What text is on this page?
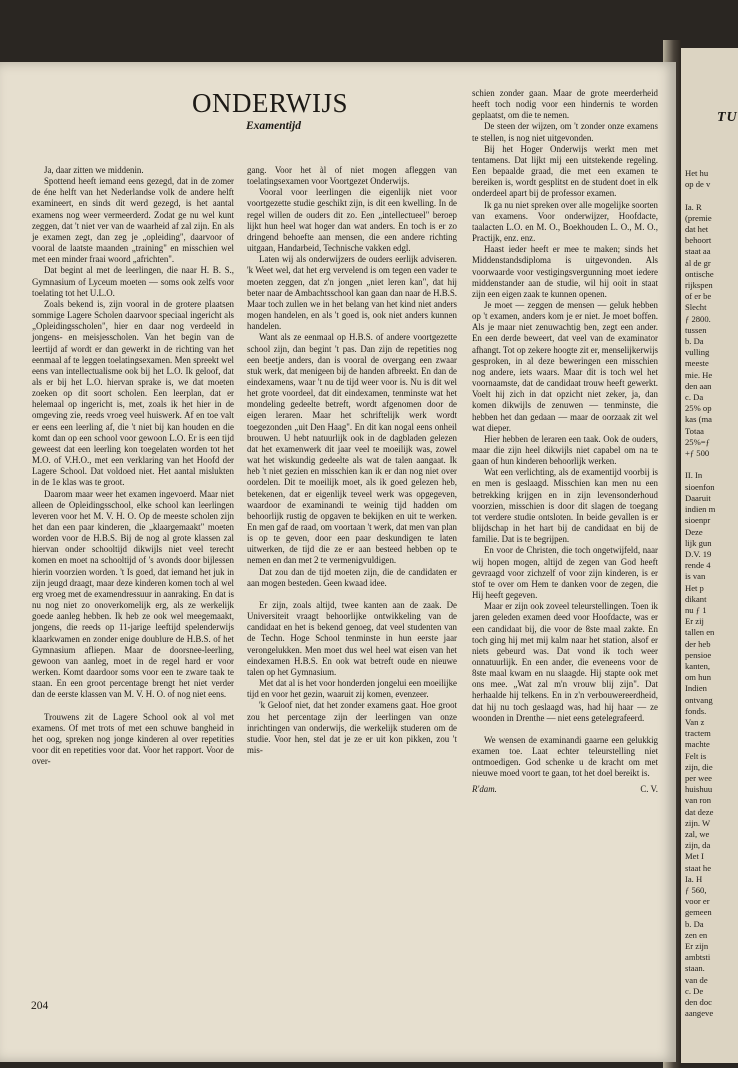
TU
Het hu
op de v

Ia. R
(premie
dat het
behoort
staat aa
al de gr
ontische
rijkspen
of er be
Slecht
ƒ 2800.
tussen
b. Da
vulling
meeste
mie. He
den aan
c. Da
25% op
kas (ma
Totaa
25%=ƒ
+ƒ 500

II. In
sioenfon
Daaruit
indien m
sioenpr
Deze
lijk gun
D.V. 19
rende 4
is van
Het p
dikant
nu ƒ 1
Er zij
tallen en
der heb
pensioe
kanten,
om hun
Indien
ontvang
fonds.
Van z
tractem
machte
Felt is
zijn, die
per wee
huishuu
van ron
dat deze
zijn. W
zal, we
zijn, da
Met I
staat he
Ia. H
ƒ 560,
voor er
gemeen
b. Da
zen en
Er zijn
ambtsti
staan.
van de
c. De
den doc
aangeve
ONDERWIJS
Examentijd

Ja, daar zitten we middenin.

Spottend heeft iemand eens gezegd, dat in de zomer de éne helft van het Nederlandse volk de andere helft examineert, en sinds dit werd gezegd, is het aantal examens nog weer vermeerderd. Zodat ge nu wel kunt zeggen, dat 't niet ver van de waarheid af zal zijn. En als je examen zegt, dan zeg je „opleiding", daarvoor of vooral de laatste maanden „training" en misschien wel met een minder fraai woord „africhten".

Dat begint al met de leerlingen, die naar H. B. S., Gymnasium of Lyceum moeten — soms ook zelfs voor toelating tot het U.L.O.

Zoals bekend is, zijn vooral in de grotere plaatsen sommige Lagere Scholen daarvoor speciaal ingericht als „Opleidingsscholen", hier en daar nog verdeeld in jongens- en meisjesscholen. Van het begin van de leertijd af wordt er dan gewerkt in de richting van het eenmaal af te leggen toelatingsexamen. Men spreekt wel eens van intellectualisme ook bij het L.O. Ik geloof, dat als er bij het L.O. hiervan sprake is, we dat moeten zoeken op dit soort scholen. Een leerplan, dat er helemaal op ingericht is, met, zoals ik het hier in de omgeving zie, reeds vroeg veel huiswerk. Af en toe valt er eens een leerling af, die 't niet bij kan houden en die komt dan op een school voor gewoon L.O. Er is een tijd geweest dat een leerling kon toegelaten worden tot het M.O. of V.H.O., met een verklaring van het Hoofd der Lagere School. Dat voldoed niet. Het aantal mislukten in de 1e klas was te groot.

Daarom maar weer het examen ingevoerd. Maar niet alleen de Opleidingsschool, elke school kan leerlingen leveren voor het M. V. H. O. Op de meeste scholen zijn het dan een paar kinderen, die „klaargemaakt" moeten worden voor de H.B.S. Bij de nog al grote klassen zal hiervan onder schooltijd dikwijls niet veel terecht komen en moet na schooltijd of 's avonds door bijlessen hierin voorzien worden. 't Is goed, dat iemand het juk in zijn jeugd draagt, maar deze kinderen komen toch al wel erg vroeg met de examendressuur in aanraking. En dat is nu nog niet zo onoverkomelijk erg, als ze werkelijk goede aanleg hebben. Ik heb ze ook wel meegemaakt, jongens, die reeds op 11-jarige leeftijd spelenderwijs klaarkwamen en zonder enige doublure de H.B.S. of het Gymnasium afliepen. Maar de doorsnee-leerling, gewoon van aanleg, moet in de regel hard er voor werken. Komt daardoor soms voor een te zware taak te staan. En een groot percentage brengt het niet verder dan de eerste klassen van M. V. H. O. of nog niet eens.

Trouwens zit de Lagere School ook al vol met examens. Of met trots of met een schuwe bangheid in het oog, spreken nog jonge kinderen al over repetities voor dit en repetities voor dat. Voor het rapport. Voor de over-

gang. Voor het àl of niet mogen afleggen van toelatingsexamen voor Voortgezet Onderwijs.

Vooral voor leerlingen die eigenlijk niet voor voortgezette studie geschikt zijn, is dit een kwelling. In de regel willen de ouders dit zo. Een „intellectueel" beroep lijkt hun heel wat hoger dan wat anders. En toch is er zo dringend behoefte aan mensen, die een andere richting uitgaan, Handarbeid, Technische vakken edgl.

Laten wij als onderwijzers de ouders eerlijk adviseren. 'k Weet wel, dat het erg vervelend is om tegen een vader te moeten zeggen, dat z'n jongen „niet leren kan", dat hij beter naar de Ambachtsschool kan gaan dan naar de H.B.S. Maar toch zullen we in het belang van het kind niet anders mogen handelen, en als 't goed is, ook niet anders kunnen handelen.

Want als ze eenmaal op H.B.S. of andere voortgezette school zijn, dan begint 't pas. Dan zijn de repetities nog een beetje anders, dan is vooral de overgang een zwaar stuk werk, dat menigeen bij de handen afbreekt. En dan de eindexamens, waar 't nu de tijd weer voor is. Nu is dit wel het grote voordeel, dat dit eindexamen, tenminste wat het mondeling gedeelte betreft, wordt afgenomen door de eigen leraren. Maar het schriftelijk werk wordt toegezonden „uit Den Haag". En dit kan nogal eens onheil brouwen. U hebt natuurlijk ook in de dagbladen gelezen dat het examenwerk dit jaar veel te moeilijk was, zowel wat het wiskundig gedeelte als wat de talen aangaat. Ik heb 't niet gezien en misschien kan ik er dan nog niet over oordelen. Dit te moeilijk moet, als ik goed gelezen heb, betekenen, dat er eigenlijk teveel werk was opgegeven, waardoor de examinandi te weinig tijd hadden om behoorlijk rustig de opgaven te bekijken en uit te werken. En men gaf de raad, om voortaan 't werk, dat men van plan is op te geven, door een paar deskundigen te laten uitwerken, de tijd die ze er aan besteed hebben op te nemen en dan met 2 te vermenigvuldigen.

Dat zou dan de tijd moeten zijn, die de candidaten er aan mogen besteden. Geen kwaad idee.

Er zijn, zoals altijd, twee kanten aan de zaak. De Universiteit vraagt behoorlijke ontwikkeling van de candidaat en het is bekend genoeg, dat veel studenten van de Techn. Hoge School tenminste in hun eerste jaar verongelukken. Men moet dus wel heel wat eisen van het eindexamen H.B.S. En ook wat betreft oude en nieuwe talen op het Gymnasium.

Met dat al is het voor honderden jongelui een moeilijke tijd en voor het gezin, waaruit zij komen, evenzeer.

'k Geloof niet, dat het zonder examens gaat. Hoe groot zou het percentage zijn der leerlingen van onze inrichtingen van onderwijs, die werkelijk studeren om de studie. Voor hen, stel dat je ze er uit kon pikken, zou 't mis-

schien zonder gaan. Maar de grote meerderheid heeft toch nodig voor een hindernis te worden geplaatst, om die te nemen.

De steen der wijzen, om 't zonder onze examens te stellen, is nog niet uitgevonden.

Bij het Hoger Onderwijs werkt men met tentamens. Dat lijkt mij een uitstekende regeling. Een bepaalde graad, die met een examen te bereiken is, wordt gesplitst en de student doet in elk onderdeel apart bij de professor examen.

Ik ga nu niet spreken over alle mogelijke soorten van examens. Voor onderwijzer, Hoofdacte, taalacten L.O. en M. O., Boekhouden L. O., M. O., Practijk, enz. enz.

Haast ieder heeft er mee te maken; sinds het Middenstandsdiploma is uitgevonden. Als voorwaarde voor vestigingsvergunning moet iedere middenstander aan de studie, wil hij ooit in staat zijn een eigen zaak te kunnen openen.

Je moet — zeggen de mensen — geluk hebben op 't examen, anders kom je er niet. Je moet boffen. Als je maar niet zenuwachtig ben, zegt een ander. En een derde beweert, dat veel van de examinator afhangt. Tot op zekere hoogte zit er, menselijkerwijs gesproken, in al deze beweringen een misschien nog andere, iets waars. Maar dit is toch wel het voornaamste, dat de candidaat trouw heeft gewerkt. Voelt hij zich in dat opzicht niet zeker, ja, dan komen dikwijls de zenuwen — tenminste, die hebben het dan gedaan — maar de oorzaak zit wel wat dieper.

Hier hebben de leraren een taak. Ook de ouders, maar die zijn heel dikwijls niet capabel om na te gaan of hun kinderen behoorlijk werken.

Wat een verlichting, als de examentijd voorbij is en men is geslaagd. Misschien kan men nu een betrekking krijgen en in zijn levensonderhoud voorzien, misschien is door dit slagen de toegang tot verdere studie ontsloten. In beide gevallen is er blijdschap in het hart bij de candidaat en bij de familie. Dat is te begrijpen.

En voor de Christen, die toch ongetwijfeld, naar wij hopen mogen, altijd de zegen van God heeft gevraagd voor zichzelf of voor zijn kinderen, is er stof te over om Hem te danken voor de zegen, die Hij heeft gegeven.

Maar er zijn ook zoveel teleurstellingen. Toen ik jaren geleden examen deed voor Hoofdacte, was er een candidaat bij, die voor de 8ste maal zakte. En toch ging hij met mij kalm naar het station, alsof er niets gebeurd was. Dat vond ik toch weer onnatuurlijk. En een ander, die eveneens voor de 8ste maal kwam en nu slaagde. Hij stapte ook met ons mee. „Wat zal m'n vrouw blij zijn". Dat herhaalde hij telkens. En in z'n verbouwereerdheid, dat hij nu toch geslaagd was, had hij haar — ze woonden in Drenthe — niet eens getelegrafeerd.

We wensen de examinandi gaarne een gelukkig examen toe. Laat echter teleurstelling niet ontmoedigen. God schenke u de kracht om met nieuwe moed voort te gaan, tot het doel bereikt is.

R'dam.	C. V.
204
